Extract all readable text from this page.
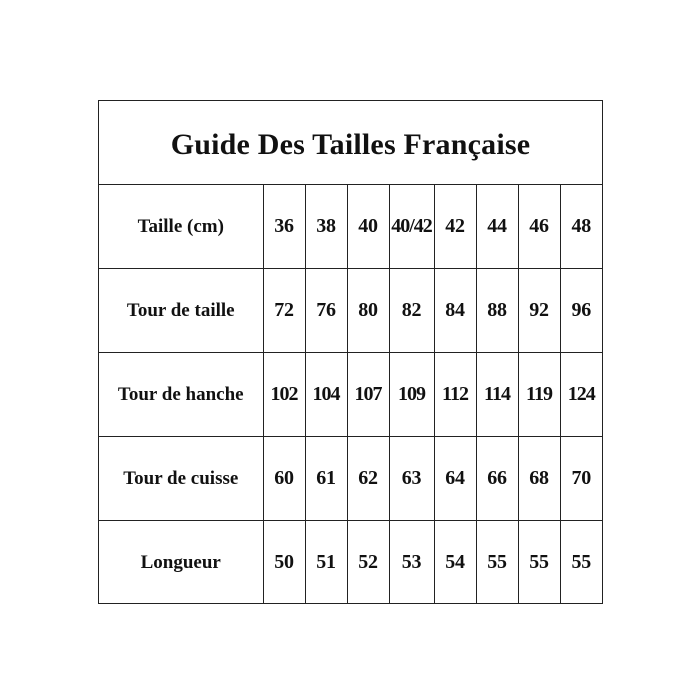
Guide Des Tailles Française
Taille (cm)	36	38	40	40/42	42	44	46	48
Tour de taille	72	76	80	82	84	88	92	96
Tour de hanche	102	104	107	109	112	114	119	124
Tour de cuisse	60	61	62	63	64	66	68	70
Longueur	50	51	52	53	54	55	55	55
